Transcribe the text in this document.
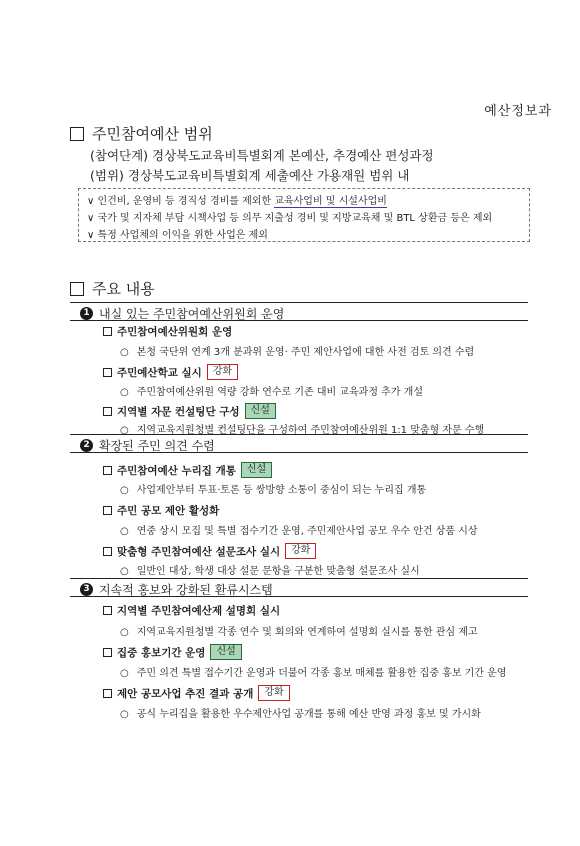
예산정보과
주민참여예산 범위
(참여단계) 경상북도교육비특별회계 본예산, 추경예산 편성과정
(범위) 경상북도교육비특별회계 세출예산 가용재원 범위 내
∨ 인건비, 운영비 등 경직성 경비를 제외한 교육사업비 및 시설사업비
∨ 국가 및 지자체 부담 시책사업 등 의무 지출성 경비 및 지방교육채 및 BTL 상환금 등은 제외
∨ 특정 사업체의 이익을 위한 사업은 제외
주요 내용
1 내실 있는 주민참여예산위원회 운영
주민참여예산위원회 운영
○ 본청 국단위 연계 3개 분과위 운영· 주민 제안사업에 대한 사전 검토 의견 수렴
주민예산학교 실시	강화
○ 주민참여예산위원 역량 강화 연수로 기존 대비 교육과정 추가 개설
지역별 자문 컨설팅단 구성	신설
○ 지역교육지원청별 컨설팅단을 구성하여 주민참여예산위원 1:1 맞춤형 자문 수행
2 확장된 주민 의견 수렴
주민참여예산 누리집 개통	신설
○ 사업제안부터 투표·토론 등 쌍방향 소통이 중심이 되는 누리집 개통
주민 공모 제안 활성화
○ 연중 상시 모집 및 특별 접수기간 운영, 주민제안사업 공모 우수 안건 상품 시상
맞춤형 주민참여예산 설문조사 실시	강화
○ 일반인 대상, 학생 대상 설문 문항을 구분한 맞춤형 설문조사 실시
3 지속적 홍보와 강화된 환류시스템
지역별 주민참여예산제 설명회 실시
○ 지역교육지원청별 각종 연수 및 회의와 연계하여 설명회 실시를 통한 관심 제고
집중 홍보기간 운영	신설
○ 주민 의견 특별 접수기간 운영과 더불어 각종 홍보 매체를 활용한 집중 홍보 기간 운영
제안 공모사업 추진 결과 공개	강화
○ 공식 누리집을 활용한 우수제안사업 공개를 통해 예산 반영 과정 홍보 및 가시화
